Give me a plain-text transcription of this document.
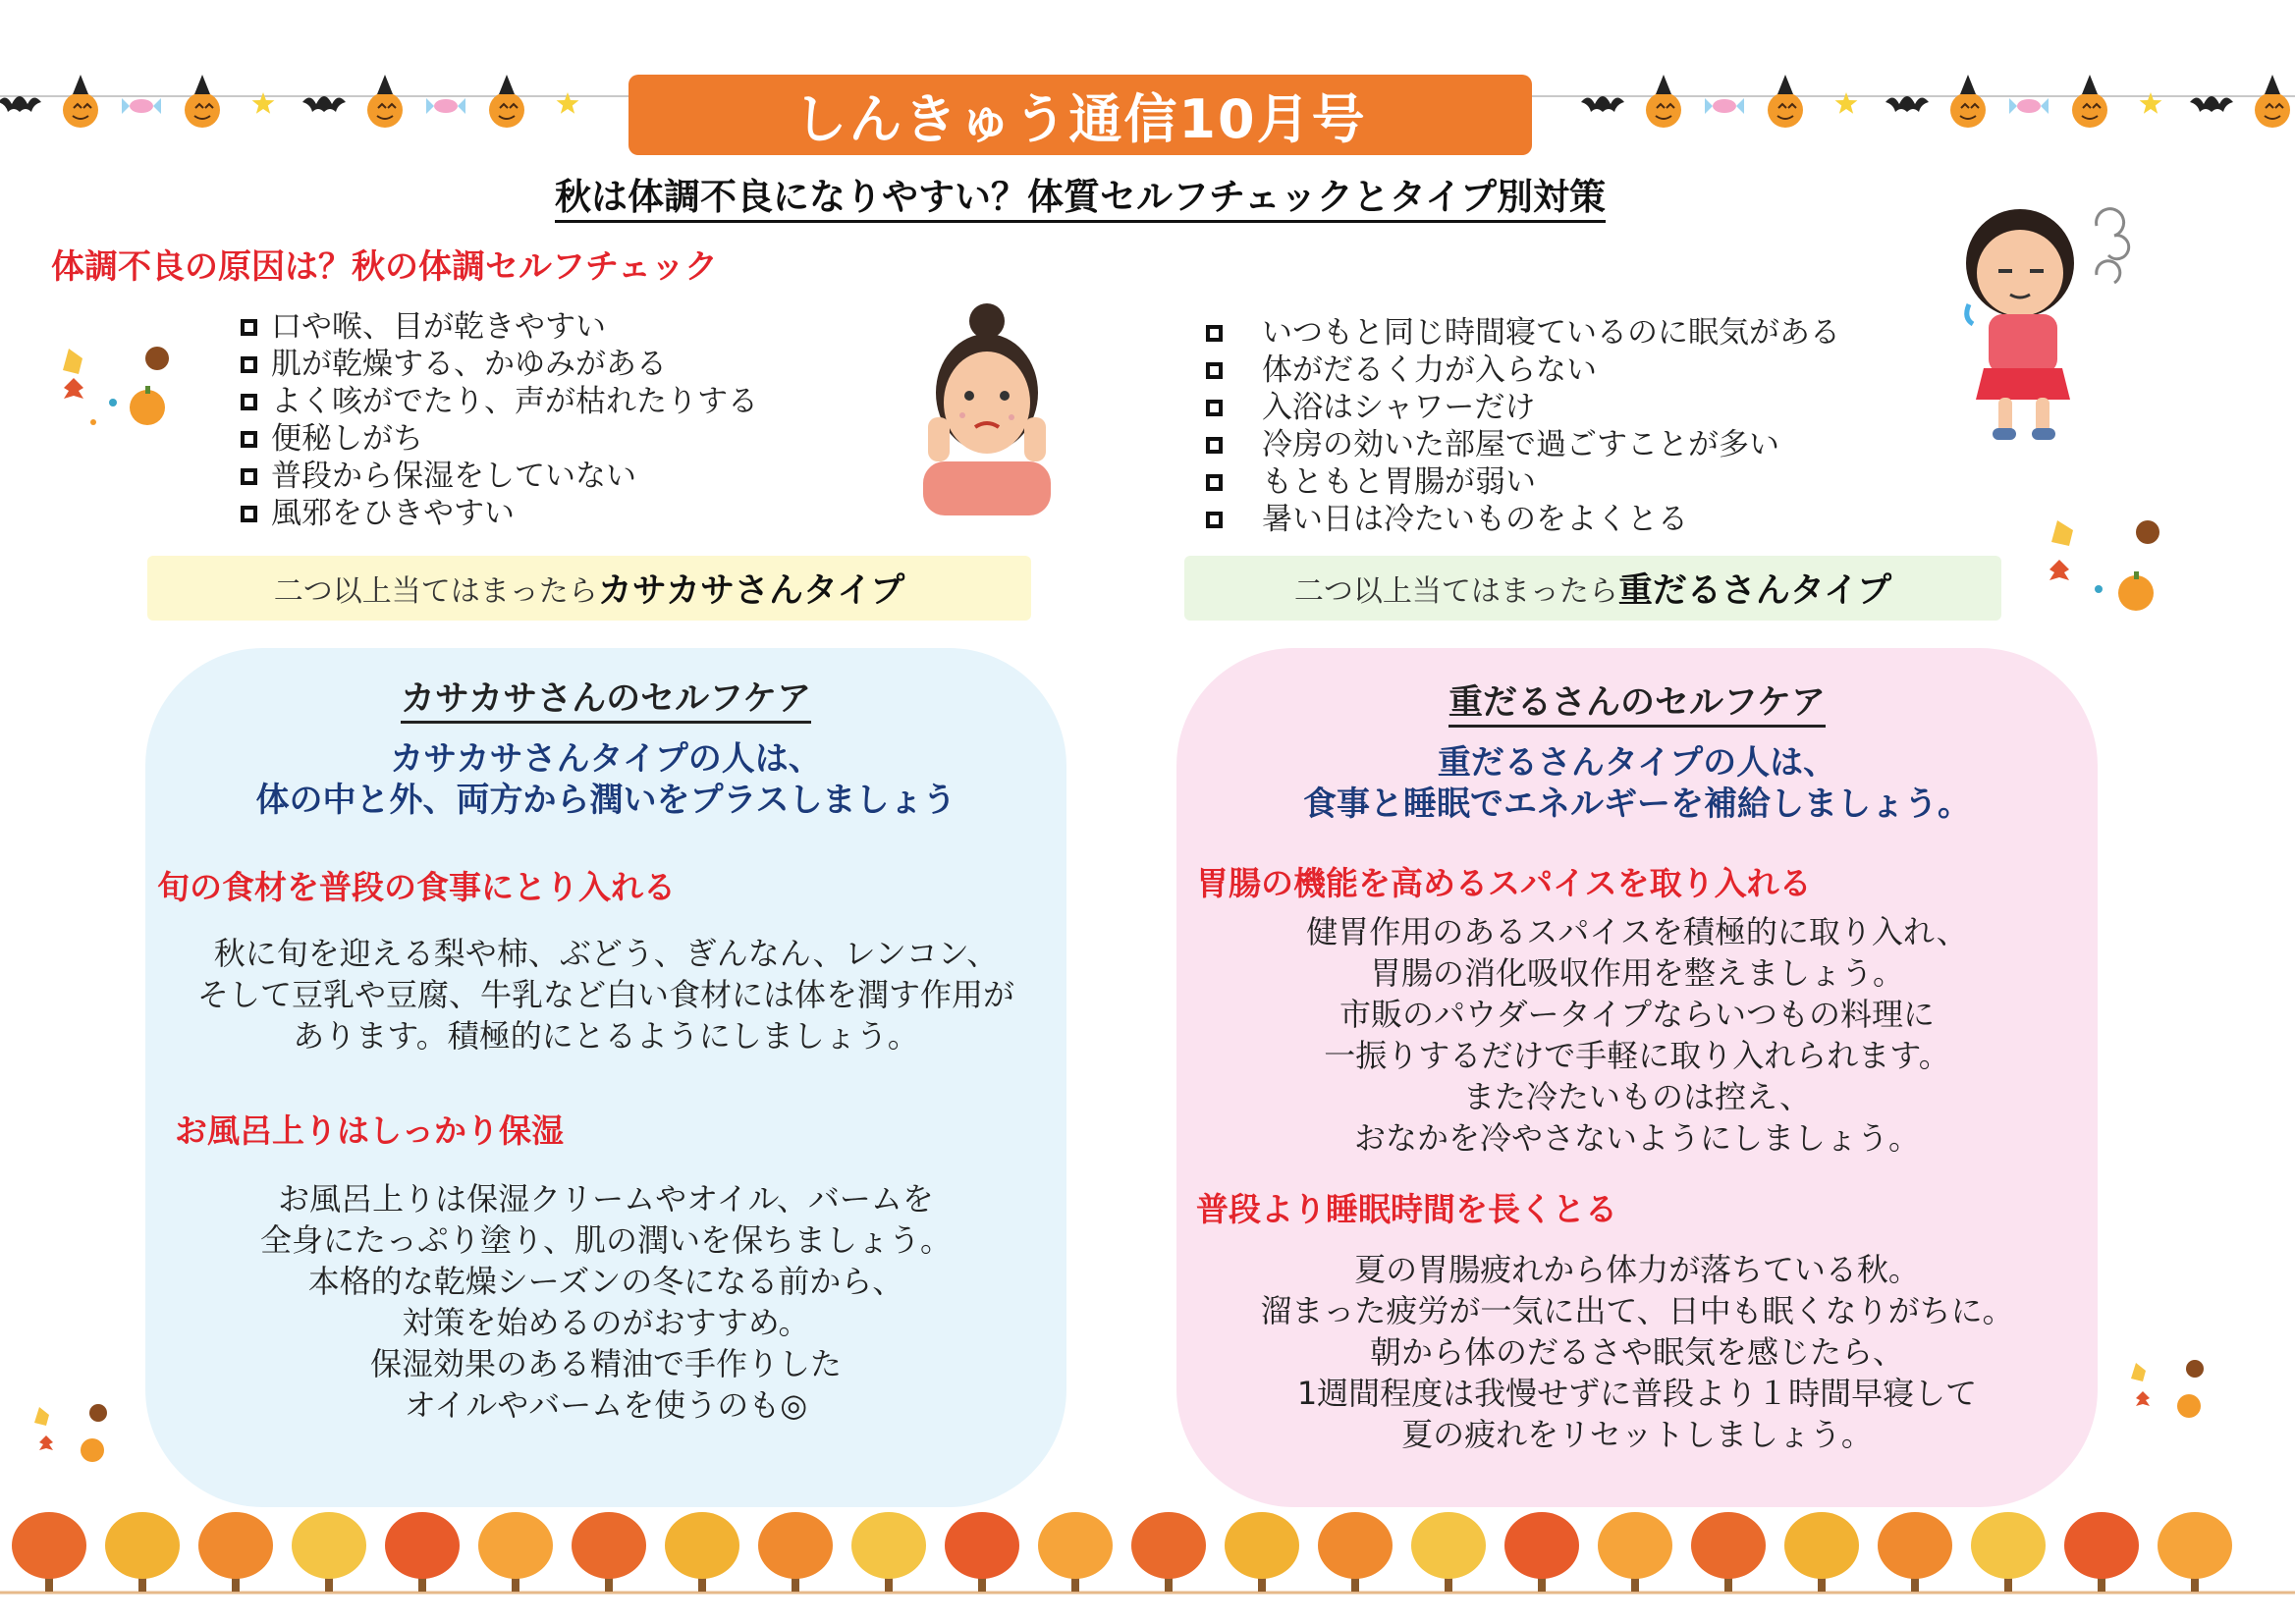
しんきゅう通信10月号
秋は体調不良になりやすい？体質セルフチェックとタイプ別対策
体調不良の原因は？秋の体調セルフチェック
口や喉、目が乾きやすい
肌が乾燥する、かゆみがある
よく咳がでたり、声が枯れたりする
便秘しがち
普段から保湿をしていない
風邪をひきやすい
いつもと同じ時間寝ているのに眠気がある
体がだるく力が入らない
入浴はシャワーだけ
冷房の効いた部屋で過ごすことが多い
もともと胃腸が弱い
暑い日は冷たいものをよくとる
二つ以上当てはまったら カサカサさんタイプ	二つ以上当てはまったら 重だるさんタイプ
カサカサさんのセルフケア
カサカサさんタイプの人は、
体の中と外、両方から潤いをプラスしましょう
旬の食材を普段の食事にとり入れる
秋に旬を迎える梨や柿、ぶどう、ぎんなん、レンコン、
そして豆乳や豆腐、牛乳など白い食材には体を潤す作用が
あります。積極的にとるようにしましょう。
お風呂上りはしっかり保湿
お風呂上りは保湿クリームやオイル、バームを
全身にたっぷり塗り、肌の潤いを保ちましょう。
本格的な乾燥シーズンの冬になる前から、
対策を始めるのがおすすめ。
保湿効果のある精油で手作りした
オイルやバームを使うのも◎
重だるさんのセルフケア
重だるさんタイプの人は、
食事と睡眠でエネルギーを補給しましょう。
胃腸の機能を高めるスパイスを取り入れる
健胃作用のあるスパイスを積極的に取り入れ、
胃腸の消化吸収作用を整えましょう。
市販のパウダータイプならいつもの料理に
一振りするだけで手軽に取り入れられます。
また冷たいものは控え、
おなかを冷やさないようにしましょう。
普段より睡眠時間を長くとる
夏の胃腸疲れから体力が落ちている秋。
溜まった疲労が一気に出て、日中も眠くなりがちに。
朝から体のだるさや眠気を感じたら、
1週間程度は我慢せずに普段より１時間早寝して
夏の疲れをリセットしましょう。
